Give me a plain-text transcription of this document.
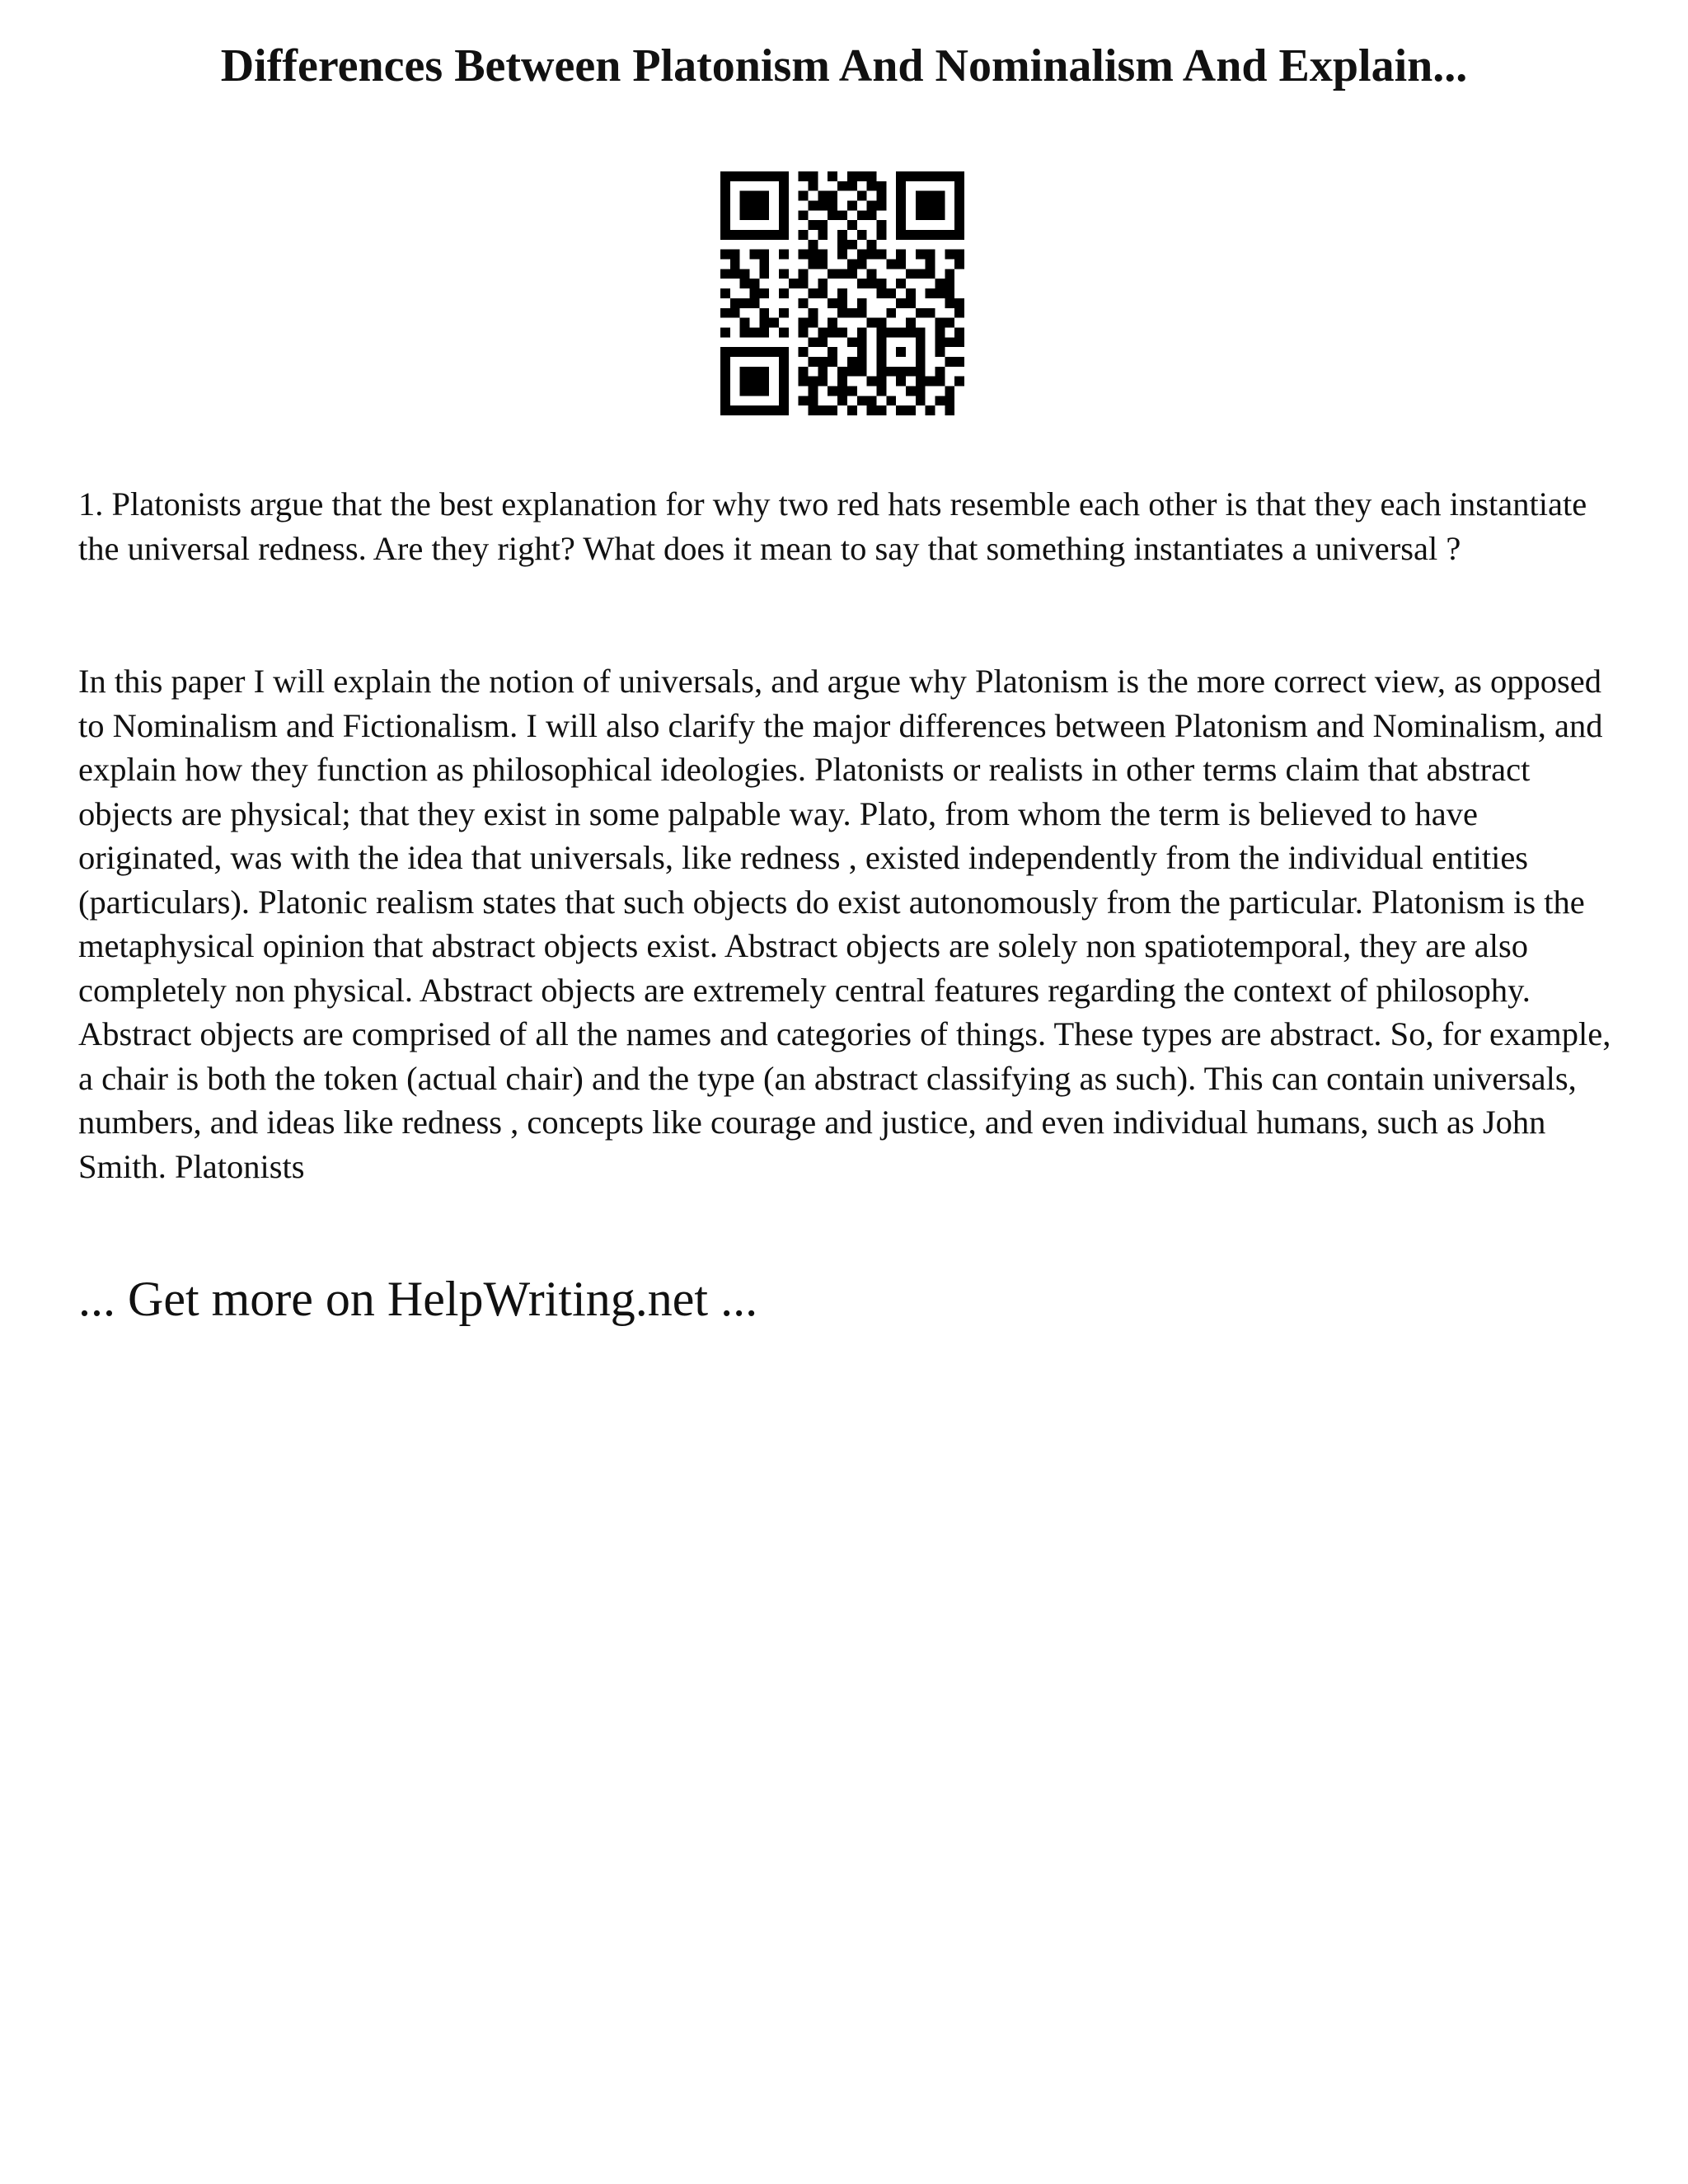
Differences Between Platonism And Nominalism And Explain...

1. Platonists argue that the best explanation for why two red hats resemble each other is that they each instantiate the universal redness. Are they right? What does it mean to say that something instantiates a universal ?

In this paper I will explain the notion of universals, and argue why Platonism is the more correct view, as opposed to Nominalism and Fictionalism. I will also clarify the major differences between Platonism and Nominalism, and explain how they function as philosophical ideologies. Platonists or realists in other terms claim that abstract objects are physical; that they exist in some palpable way. Plato, from whom the term is believed to have originated, was with the idea that universals, like redness , existed independently from the individual entities (particulars). Platonic realism states that such objects do exist autonomously from the particular. Platonism is the metaphysical opinion that abstract objects exist. Abstract objects are solely non spatiotemporal, they are also completely non physical. Abstract objects are extremely central features regarding the context of philosophy. Abstract objects are comprised of all the names and categories of things. These types are abstract. So, for example, a chair is both the token (actual chair) and the type (an abstract classifying as such). This can contain universals, numbers, and ideas like redness , concepts like courage and justice, and even individual humans, such as John Smith. Platonists

... Get more on HelpWriting.net ...
